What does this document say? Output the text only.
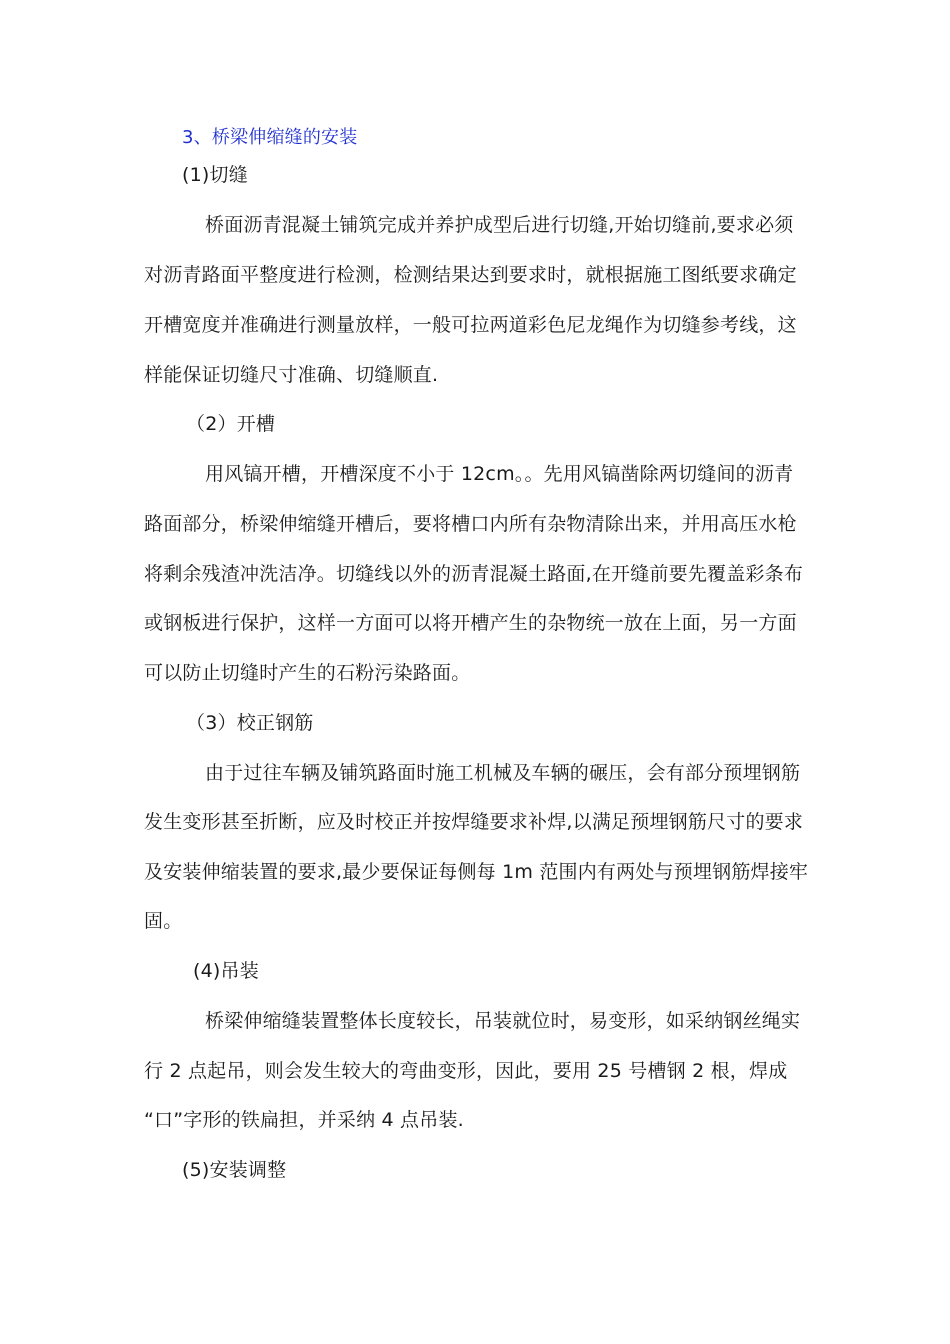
3、桥梁伸缩缝的安装
(1)切缝
桥面沥青混凝土铺筑完成并养护成型后进行切缝,开始切缝前,要求必须
对沥青路面平整度进行检测，检测结果达到要求时，就根据施工图纸要求确定
开槽宽度并准确进行测量放样，一般可拉两道彩色尼龙绳作为切缝参考线，这
样能保证切缝尺寸准确、切缝顺直.
（2）开槽
用风镐开槽，开槽深度不小于 12cm。。先用风镐凿除两切缝间的沥青
路面部分，桥梁伸缩缝开槽后，要将槽口内所有杂物清除出来，并用高压水枪
将剩余残渣冲洗洁净。切缝线以外的沥青混凝土路面,在开缝前要先覆盖彩条布
或钢板进行保护，这样一方面可以将开槽产生的杂物统一放在上面，另一方面
可以防止切缝时产生的石粉污染路面。
（3）校正钢筋
由于过往车辆及铺筑路面时施工机械及车辆的碾压，会有部分预埋钢筋
发生变形甚至折断，应及时校正并按焊缝要求补焊,以满足预埋钢筋尺寸的要求
及安装伸缩装置的要求,最少要保证每侧每 1m 范围内有两处与预埋钢筋焊接牢
固。
(4)吊装
桥梁伸缩缝装置整体长度较长，吊装就位时，易变形，如采纳钢丝绳实
行 2 点起吊，则会发生较大的弯曲变形，因此，要用 25 号槽钢 2 根，焊成
“口”字形的铁扁担，并采纳 4 点吊装.
(5)安装调整
